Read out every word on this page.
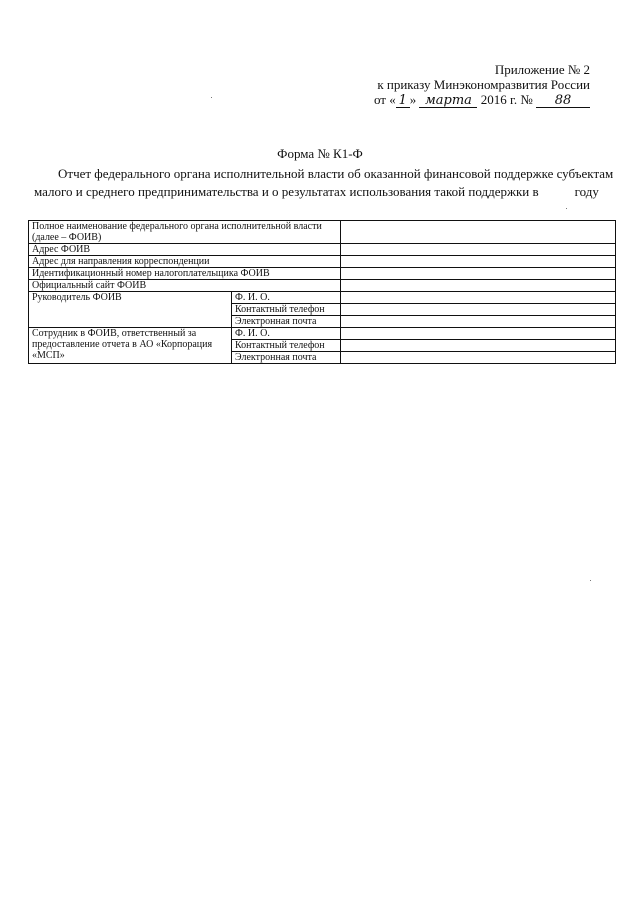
Приложение № 2
к приказу Минэкономразвития России
от « 1 » марта 2016 г. № 88
Форма № К1-Ф
Отчет федерального органа исполнительной власти об оказанной финансовой поддержке субъектам
малого и среднего предпринимательства и о результатах использования такой поддержки в	году
Полное наименование федерального органа исполнительной власти (далее – ФОИВ)		
Адрес ФОИВ		
Адрес для направления корреспонденции		
Идентификационный номер налогоплательщика ФОИВ		
Официальный сайт ФОИВ		
Руководитель ФОИВ	Ф. И. О.	
	Контактный телефон	
	Электронная почта	
Сотрудник в ФОИВ, ответственный за предоставление отчета в АО «Корпорация «МСП»	Ф. И. О.	
	Контактный телефон	
	Электронная почта	
